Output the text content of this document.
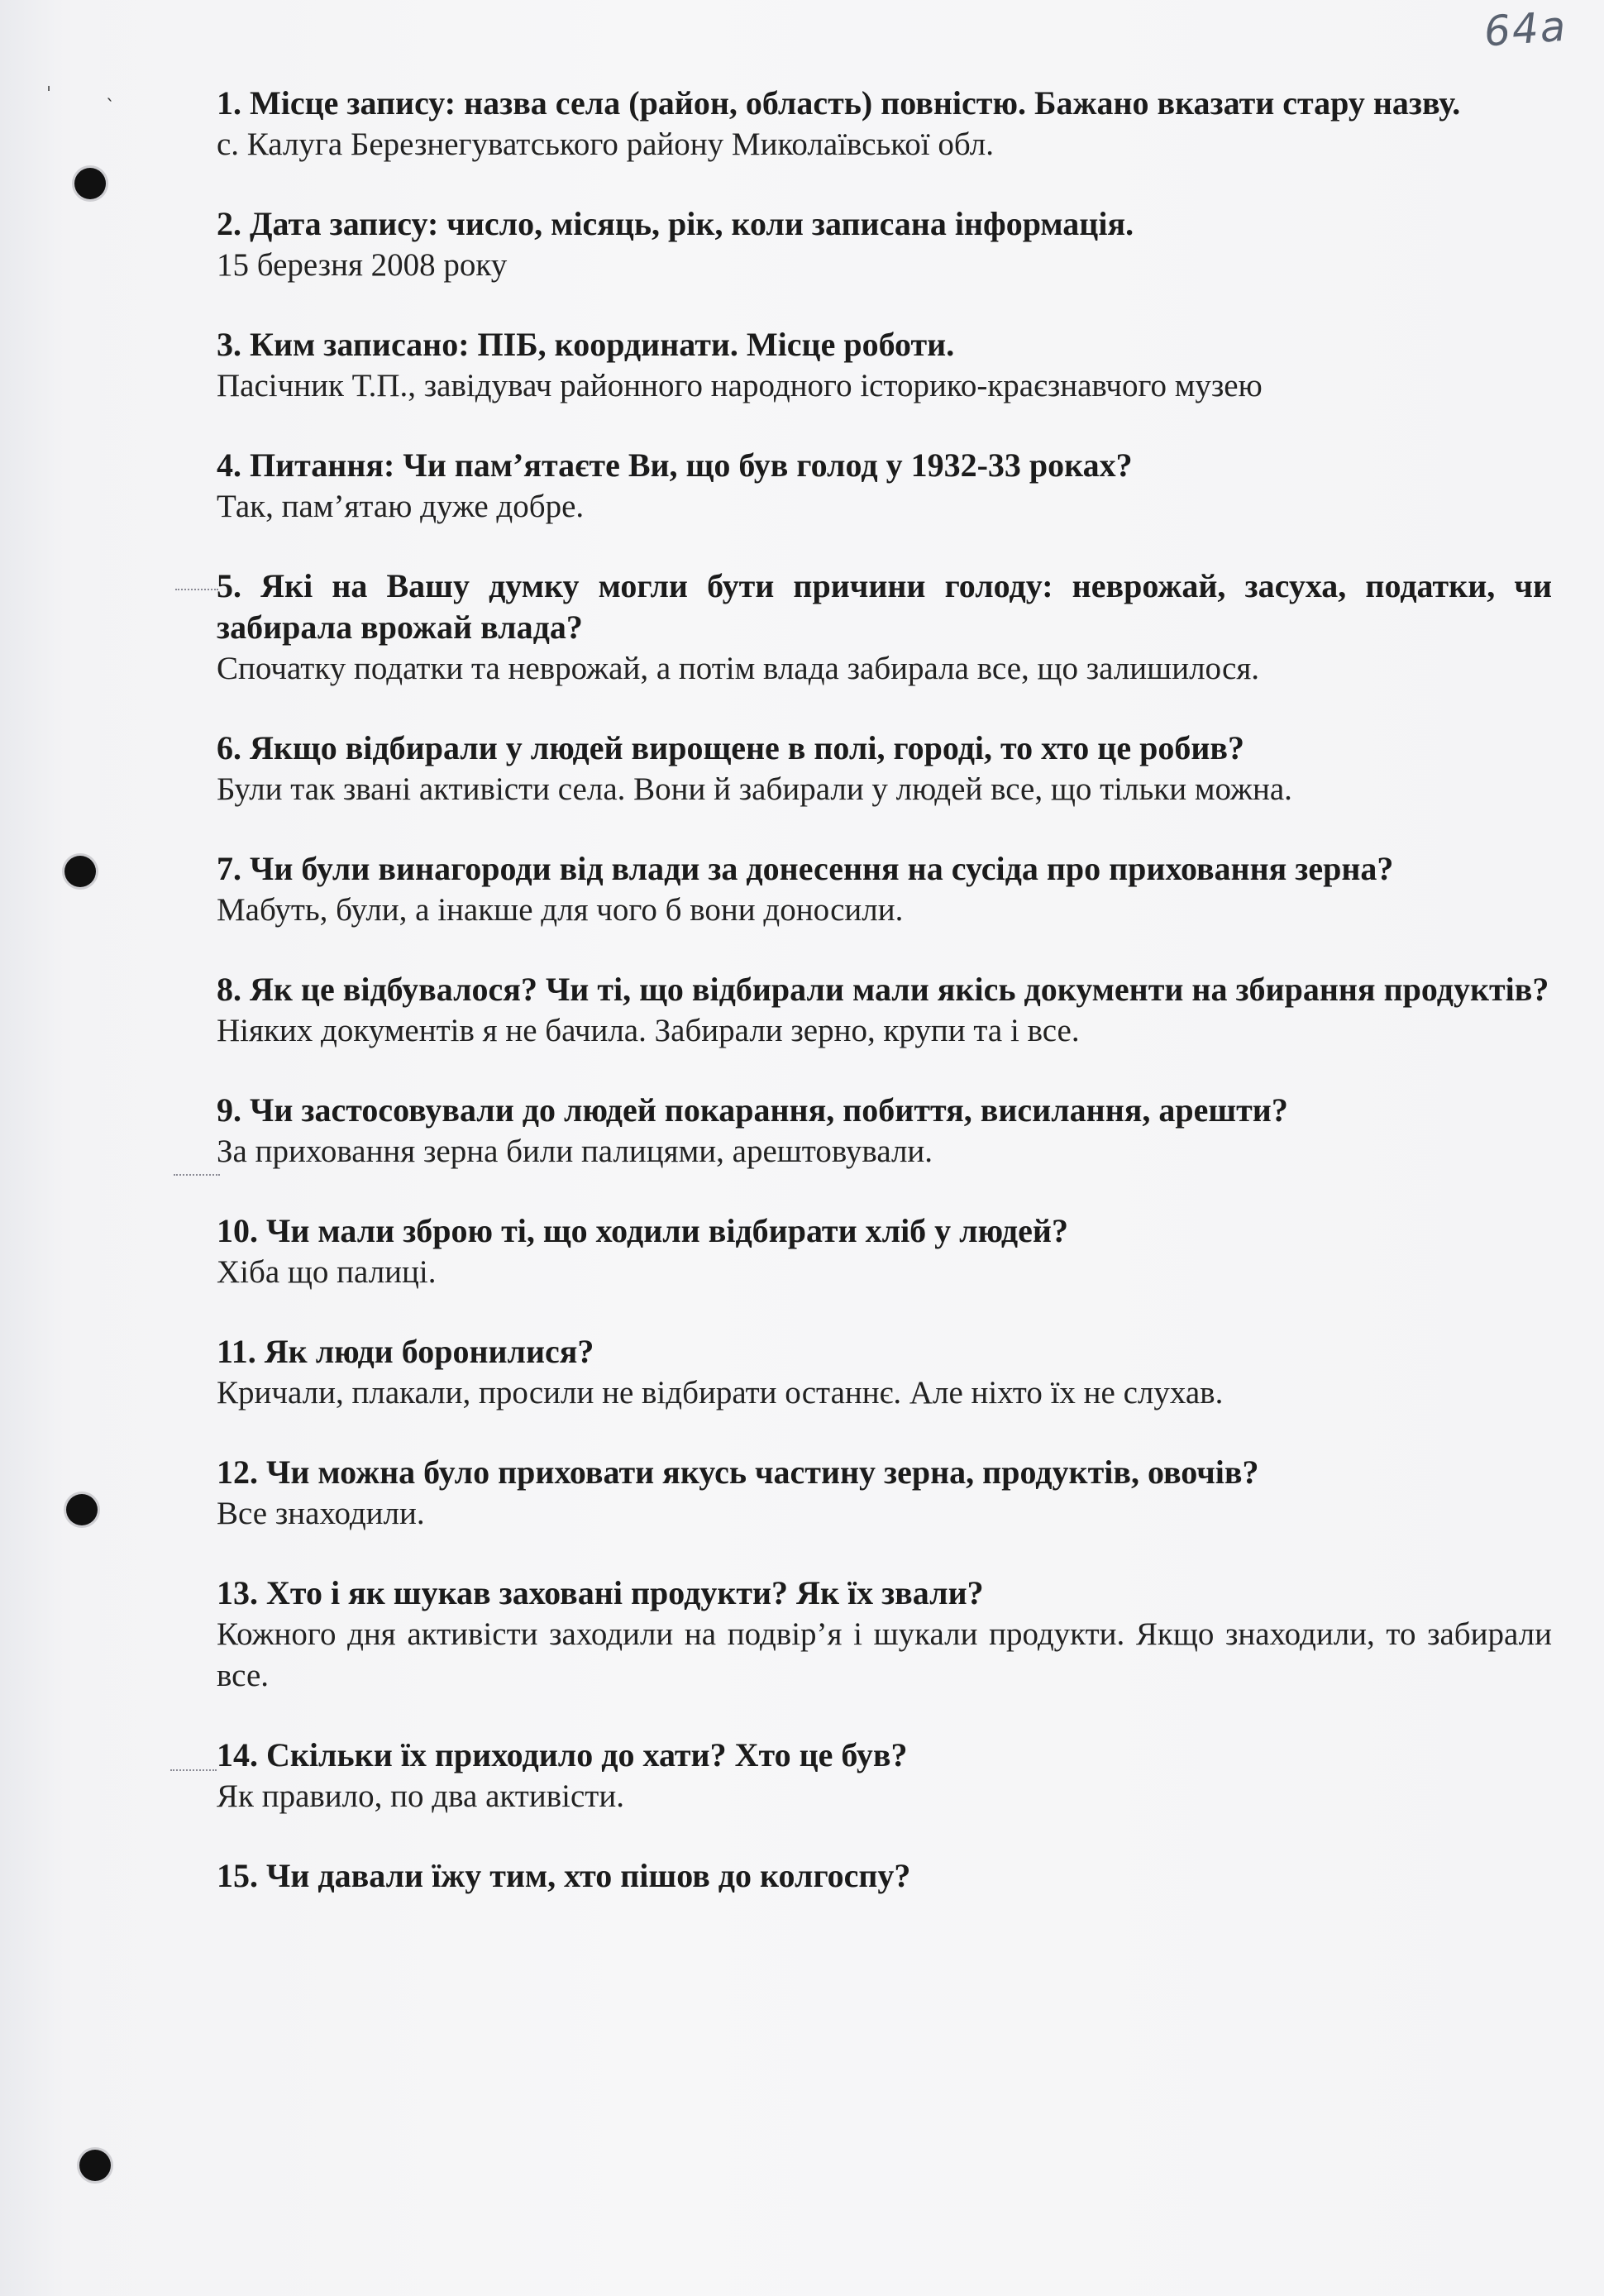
64а
ˈ	ˎ	1. Місце запису: назва села (район, область) повністю. Бажано вказати стару назву.

с. Калуга Березнегуватського району Миколаївської обл.

2. Дата запису: число, місяць, рік, коли записана інформація.

15 березня 2008 року

3. Ким записано: ПІБ, координати. Місце роботи.

Пасічник Т.П., завідувач районного народного історико-краєзнавчого музею

4. Питання: Чи пам’ятаєте Ви, що був голод у 1932-33 роках?

Так, пам’ятаю дуже добре.

5. Які на Вашу думку могли бути причини голоду: неврожай, засуха, податки, чи забирала врожай влада?

Спочатку податки та неврожай, а потім влада забирала все, що залишилося.

6. Якщо відбирали у людей вирощене в полі, городі, то хто це робив?

Були так звані активісти села. Вони й забирали у людей все, що тільки можна.

7. Чи були винагороди від влади за донесення на сусіда про приховання зерна?

Мабуть, були, а інакше для чого б вони доносили.

8. Як це відбувалося? Чи ті, що відбирали мали якісь документи на збирання продуктів?

Ніяких документів я не бачила. Забирали зерно, крупи та і все.

9. Чи застосовували до людей покарання, побиття, висилання, арешти?

За приховання зерна били палицями, арештовували.

10. Чи мали зброю ті, що ходили відбирати хліб у людей?

Хіба що палиці.

11. Як люди боронилися?

Кричали, плакали, просили не відбирати останнє. Але ніхто їх не слухав.

12. Чи можна було приховати якусь частину зерна, продуктів, овочів?

Все знаходили.

13. Хто і як шукав заховані продукти? Як їх звали?

Кожного дня активісти заходили на подвір’я і шукали продукти. Якщо знаходили, то забирали все.

14. Скільки їх приходило до хати? Хто це був?

Як правило, по два активісти.

15. Чи давали їжу тим, хто пішов до колгоспу?
